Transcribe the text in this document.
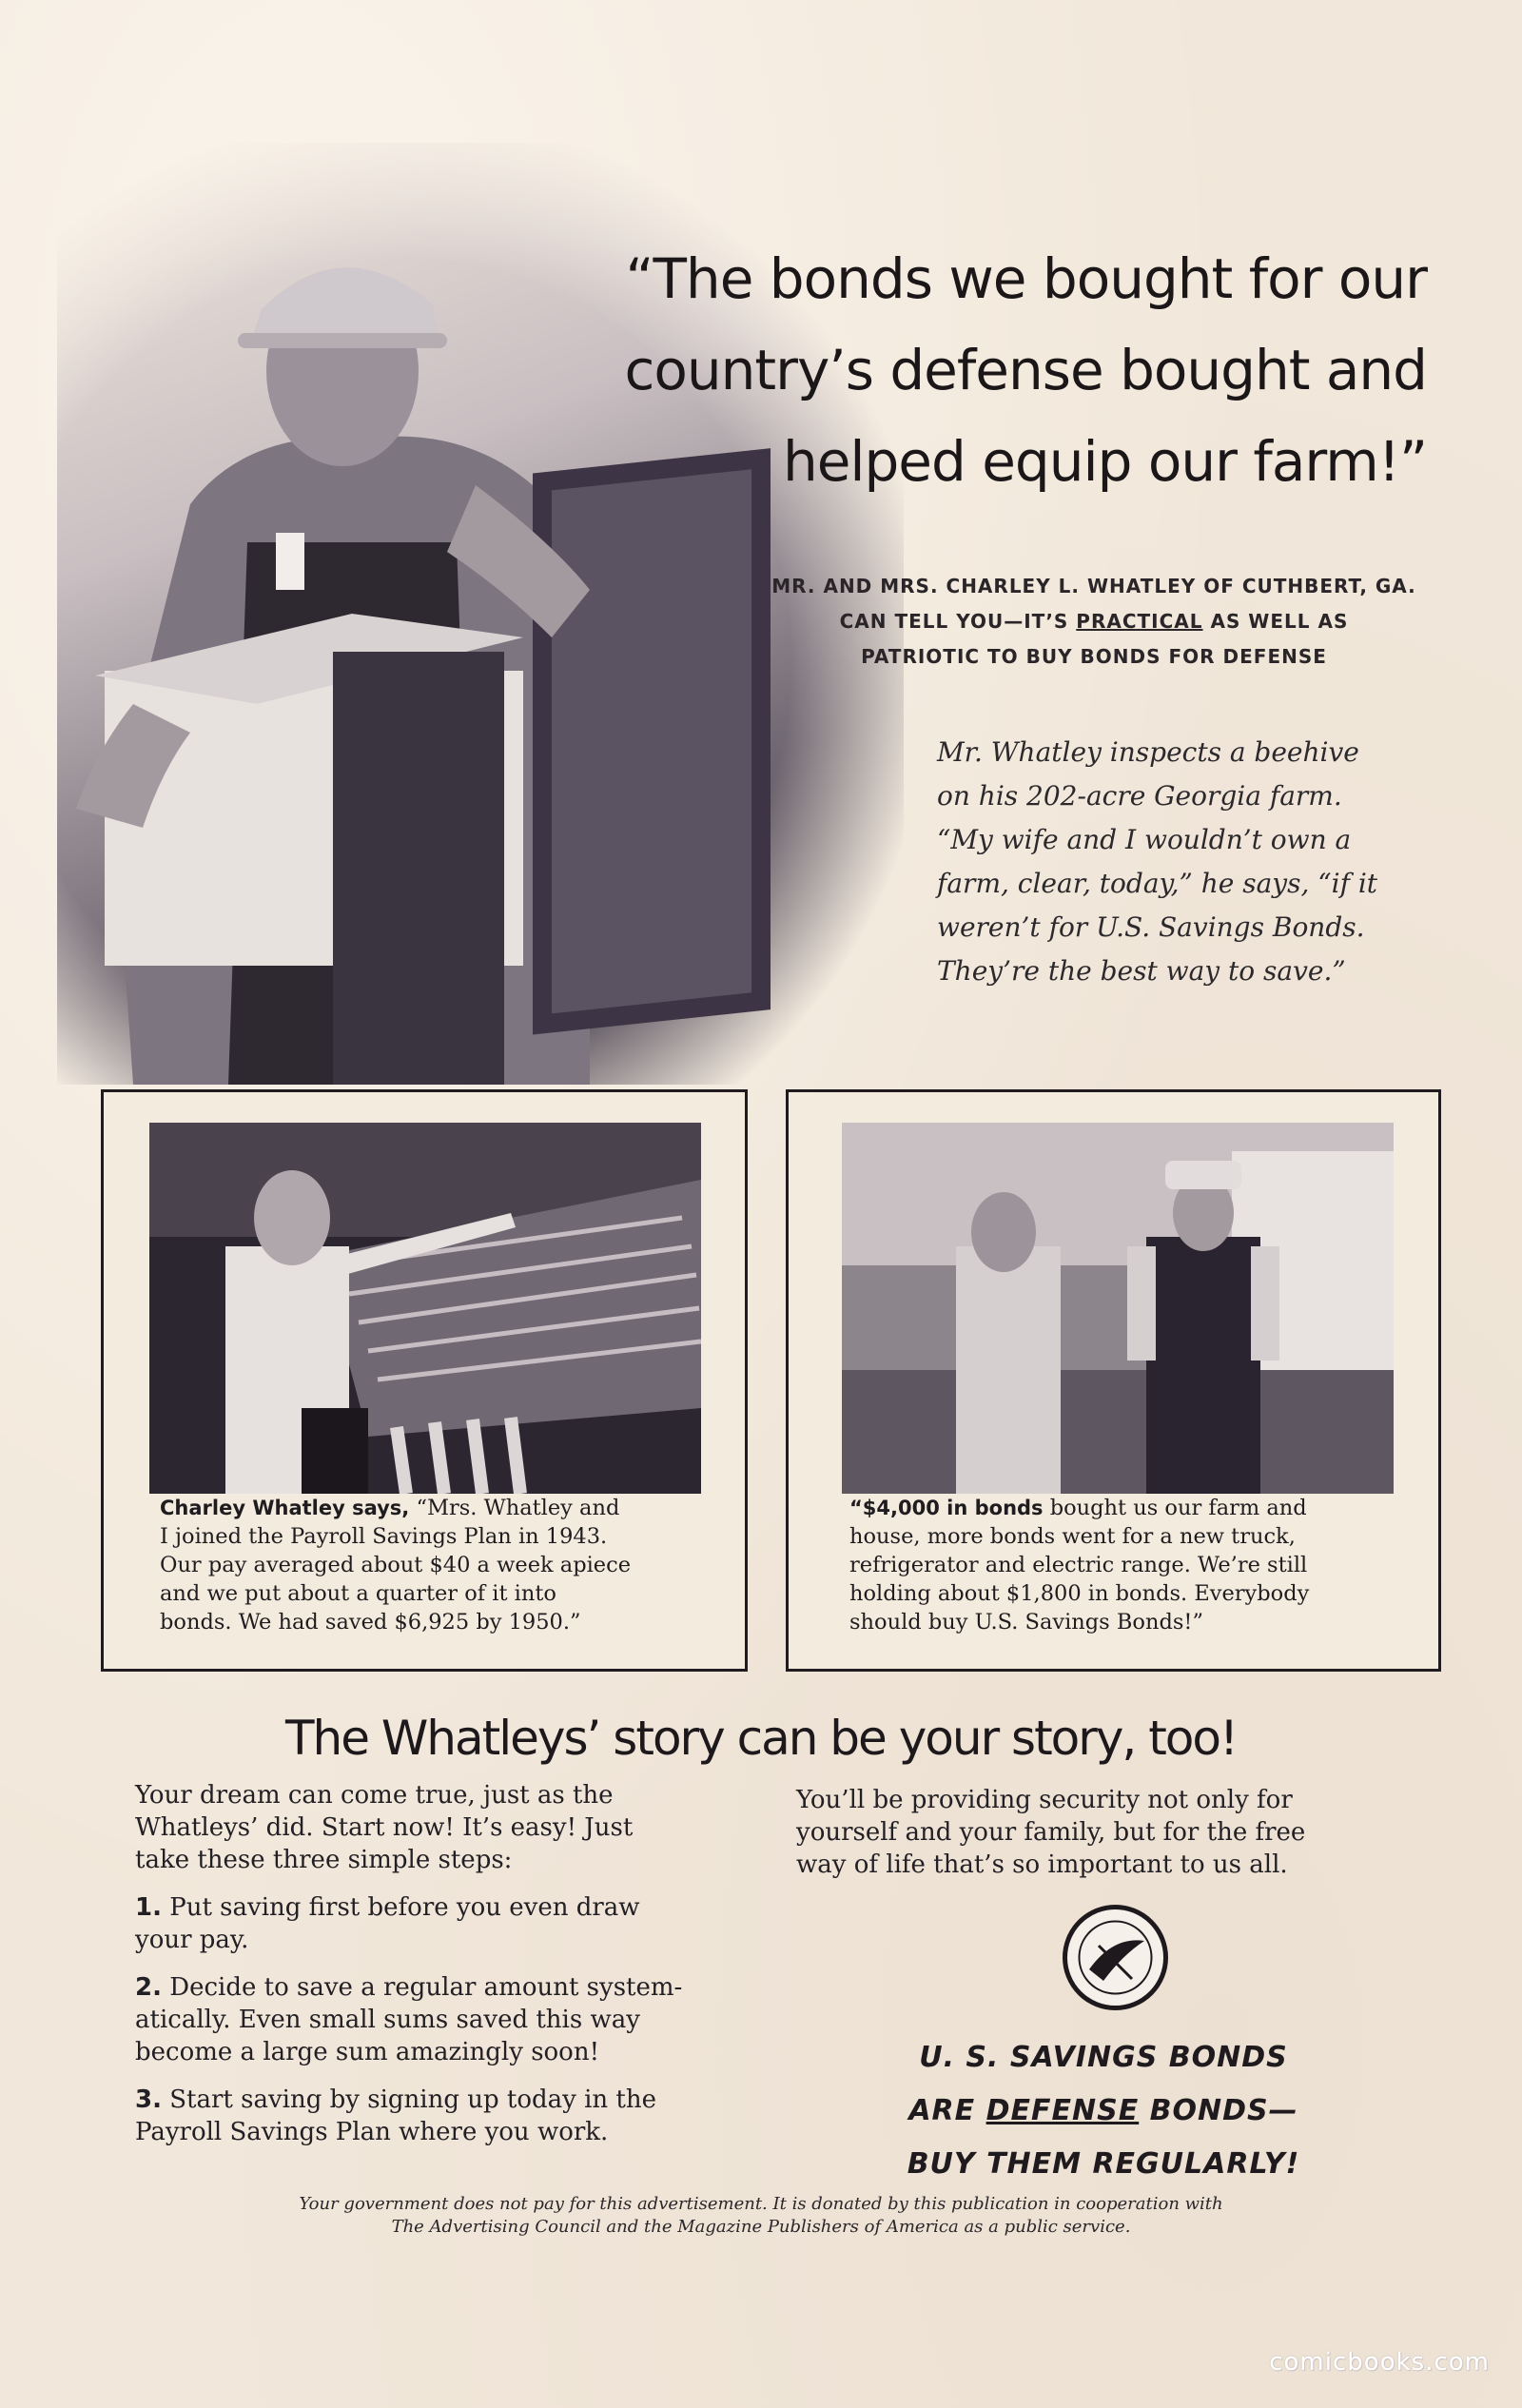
“The bonds we bought for our
country’s defense bought and
helped equip our farm!”
MR. AND MRS. CHARLEY L. WHATLEY OF CUTHBERT, GA.
CAN TELL YOU—IT’S PRACTICAL AS WELL AS
PATRIOTIC TO BUY BONDS FOR DEFENSE
Mr. Whatley inspects a beehive
on his 202-acre Georgia farm.
“My wife and I wouldn’t own a
farm, clear, today,” he says, “if it
weren’t for U.S. Savings Bonds.
They’re the best way to save.”
Charley Whatley says, “Mrs. Whatley and
I joined the Payroll Savings Plan in 1943.
Our pay averaged about $40 a week apiece
and we put about a quarter of it into
bonds. We had saved $6,925 by 1950.”
“$4,000 in bonds bought us our farm and
house, more bonds went for a new truck,
refrigerator and electric range. We’re still
holding about $1,800 in bonds. Everybody
should buy U.S. Savings Bonds!”
The Whatleys’ story can be your story, too!

Your dream can come true, just as the
Whatleys’ did. Start now! It’s easy! Just
take these three simple steps:

1. Put saving first before you even draw
your pay.

2. Decide to save a regular amount system-
atically. Even small sums saved this way
become a large sum amazingly soon!

3. Start saving by signing up today in the
Payroll Savings Plan where you work.

You’ll be providing security not only for
yourself and your family, but for the free
way of life that’s so important to us all.
U. S. SAVINGS BONDS
ARE DEFENSE BONDS—
BUY THEM REGULARLY!
Your government does not pay for this advertisement. It is donated by this publication in cooperation with
The Advertising Council and the Magazine Publishers of America as a public service.
comicbooks.com
